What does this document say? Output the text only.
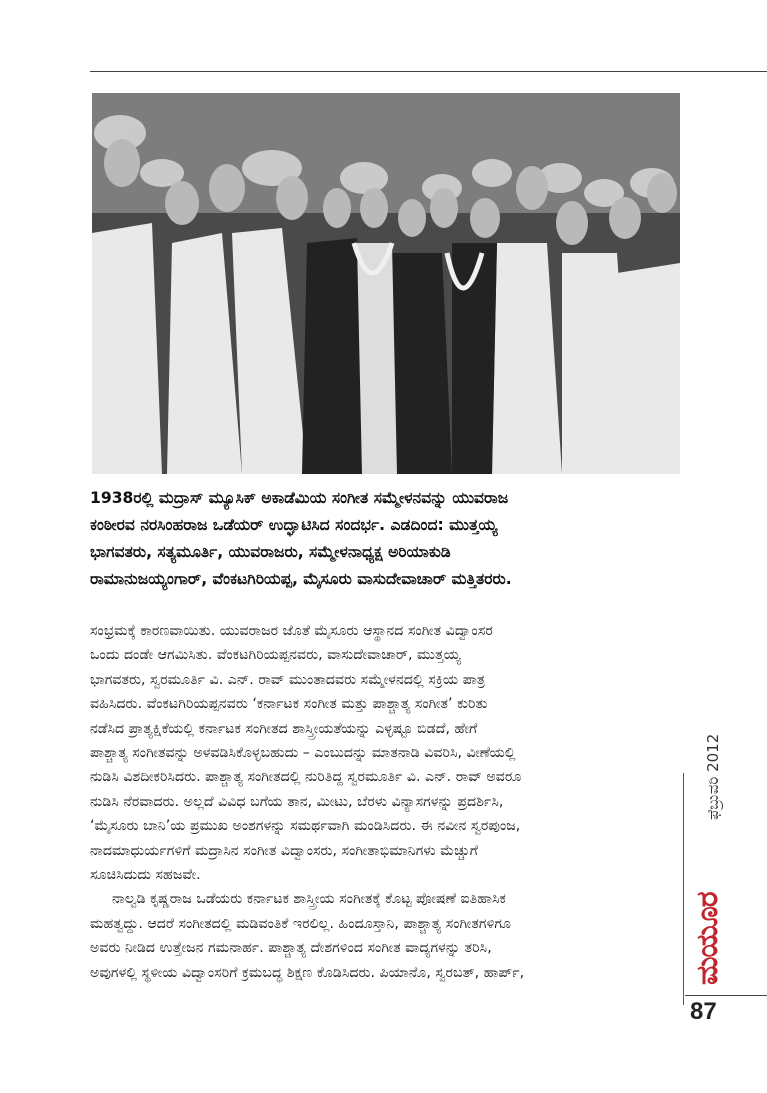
1938ರಲ್ಲಿ ಮದ್ರಾಸ್ ಮ್ಯೂಸಿಕ್ ಅಕಾಡೆಮಿಯ ಸಂಗೀತ ಸಮ್ಮೇಳನವನ್ನು ಯುವರಾಜ
ಕಂಠೀರವ ನರಸಿಂಹರಾಜ ಒಡೆಯರ್ ಉದ್ಘಾಟಿಸಿದ ಸಂದರ್ಭ. ಎಡದಿಂದ: ಮುತ್ತಯ್ಯ
ಭಾಗವತರು, ಸತ್ಯಮೂರ್ತಿ, ಯುವರಾಜರು, ಸಮ್ಮೇಳನಾಧ್ಯಕ್ಷ ಅರಿಯಾಕುಡಿ
ರಾಮಾನುಜಯ್ಯಂಗಾರ್, ವೆಂಕಟಗಿರಿಯಪ್ಪ, ಮೈಸೂರು ವಾಸುದೇವಾಚಾರ್ ಮತ್ತಿತರರು.
ಸಂಭ್ರಮಕ್ಕೆ ಕಾರಣವಾಯಿತು. ಯುವರಾಜರ ಜೊತೆ ಮೈಸೂರು ಆಸ್ಥಾನದ ಸಂಗೀತ ವಿದ್ವಾಂಸರ
ಒಂದು ದಂಡೇ ಆಗಮಿಸಿತು. ವೆಂಕಟಗಿರಿಯಪ್ಪನವರು, ವಾಸುದೇವಾಚಾರ್, ಮುತ್ತಯ್ಯ
ಭಾಗವತರು, ಸ್ವರಮೂರ್ತಿ ವಿ. ಎನ್. ರಾವ್ ಮುಂತಾದವರು ಸಮ್ಮೇಳನದಲ್ಲಿ ಸಕ್ರಿಯ ಪಾತ್ರ
ವಹಿಸಿದರು. ವೆಂಕಟಗಿರಿಯಪ್ಪನವರು ‘ಕರ್ನಾಟಕ ಸಂಗೀತ ಮತ್ತು ಪಾಶ್ಚಾತ್ಯ ಸಂಗೀತ’ ಕುರಿತು
ನಡೆಸಿದ ಪ್ರಾತ್ಯಕ್ಷಿಕೆಯಲ್ಲಿ ಕರ್ನಾಟಕ ಸಂಗೀತದ ಶಾಸ್ತ್ರೀಯತೆಯನ್ನು ಎಳ್ಳಷ್ಟೂ ಬಿಡದೆ, ಹೇಗೆ
ಪಾಶ್ಚಾತ್ಯ ಸಂಗೀತವನ್ನು ಅಳವಡಿಸಿಕೊಳ್ಳಬಹುದು – ಎಂಬುದನ್ನು ಮಾತನಾಡಿ ವಿವರಿಸಿ, ವೀಣೆಯಲ್ಲಿ
ನುಡಿಸಿ ವಿಶದೀಕರಿಸಿದರು. ಪಾಶ್ಚಾತ್ಯ ಸಂಗೀತದಲ್ಲಿ ನುರಿತಿದ್ದ ಸ್ವರಮೂರ್ತಿ ವಿ. ಎನ್. ರಾವ್ ಅವರೂ
ನುಡಿಸಿ ನೆರವಾದರು. ಅಲ್ಲದೆ ವಿವಿಧ ಬಗೆಯ ತಾನ, ಮೀಟು, ಬೆರಳು ವಿನ್ಯಾಸಗಳನ್ನು ಪ್ರದರ್ಶಿಸಿ,
‘ಮೈಸೂರು ಬಾನಿ’ಯ ಪ್ರಮುಖ ಅಂಶಗಳನ್ನು ಸಮರ್ಥವಾಗಿ ಮಂಡಿಸಿದರು. ಈ ನವೀನ ಸ್ವರಪುಂಜ,
ನಾದಮಾಧುರ್ಯಗಳಿಗೆ ಮದ್ರಾಸಿನ ಸಂಗೀತ ವಿದ್ವಾಂಸರು, ಸಂಗೀತಾಭಿಮಾನಿಗಳು ಮೆಚ್ಚುಗೆ
ಸೂಚಿಸಿದುದು ಸಹಜವೇ.
ನಾಲ್ವಡಿ ಕೃಷ್ಣರಾಜ ಒಡೆಯರು ಕರ್ನಾಟಕ ಶಾಸ್ತ್ರೀಯ ಸಂಗೀತಕ್ಕೆ ಕೊಟ್ಟ ಪೋಷಣೆ ಐತಿಹಾಸಿಕ
ಮಹತ್ವದ್ದು. ಆದರೆ ಸಂಗೀತದಲ್ಲಿ ಮಡಿವಂತಿಕೆ ಇರಲಿಲ್ಲ. ಹಿಂದೂಸ್ತಾನಿ, ಪಾಶ್ಚಾತ್ಯ ಸಂಗೀತಗಳಿಗೂ
ಅವರು ನೀಡಿದ ಉತ್ತೇಜನ ಗಮನಾರ್ಹ. ಪಾಶ್ಚಾತ್ಯ ದೇಶಗಳಿಂದ ಸಂಗೀತ ವಾದ್ಯಗಳನ್ನು ತರಿಸಿ,
ಅವುಗಳಲ್ಲಿ ಸ್ಥಳೀಯ ವಿದ್ವಾಂಸರಿಗೆ ಕ್ರಮಬದ್ಧ ಶಿಕ್ಷಣ ಕೊಡಿಸಿದರು. ಪಿಯಾನೊ, ಸ್ವರಬತ್, ಹಾರ್ಪ್,
ಫೆಬ್ರುವರಿ 2012
ಮಯೂರ
87
